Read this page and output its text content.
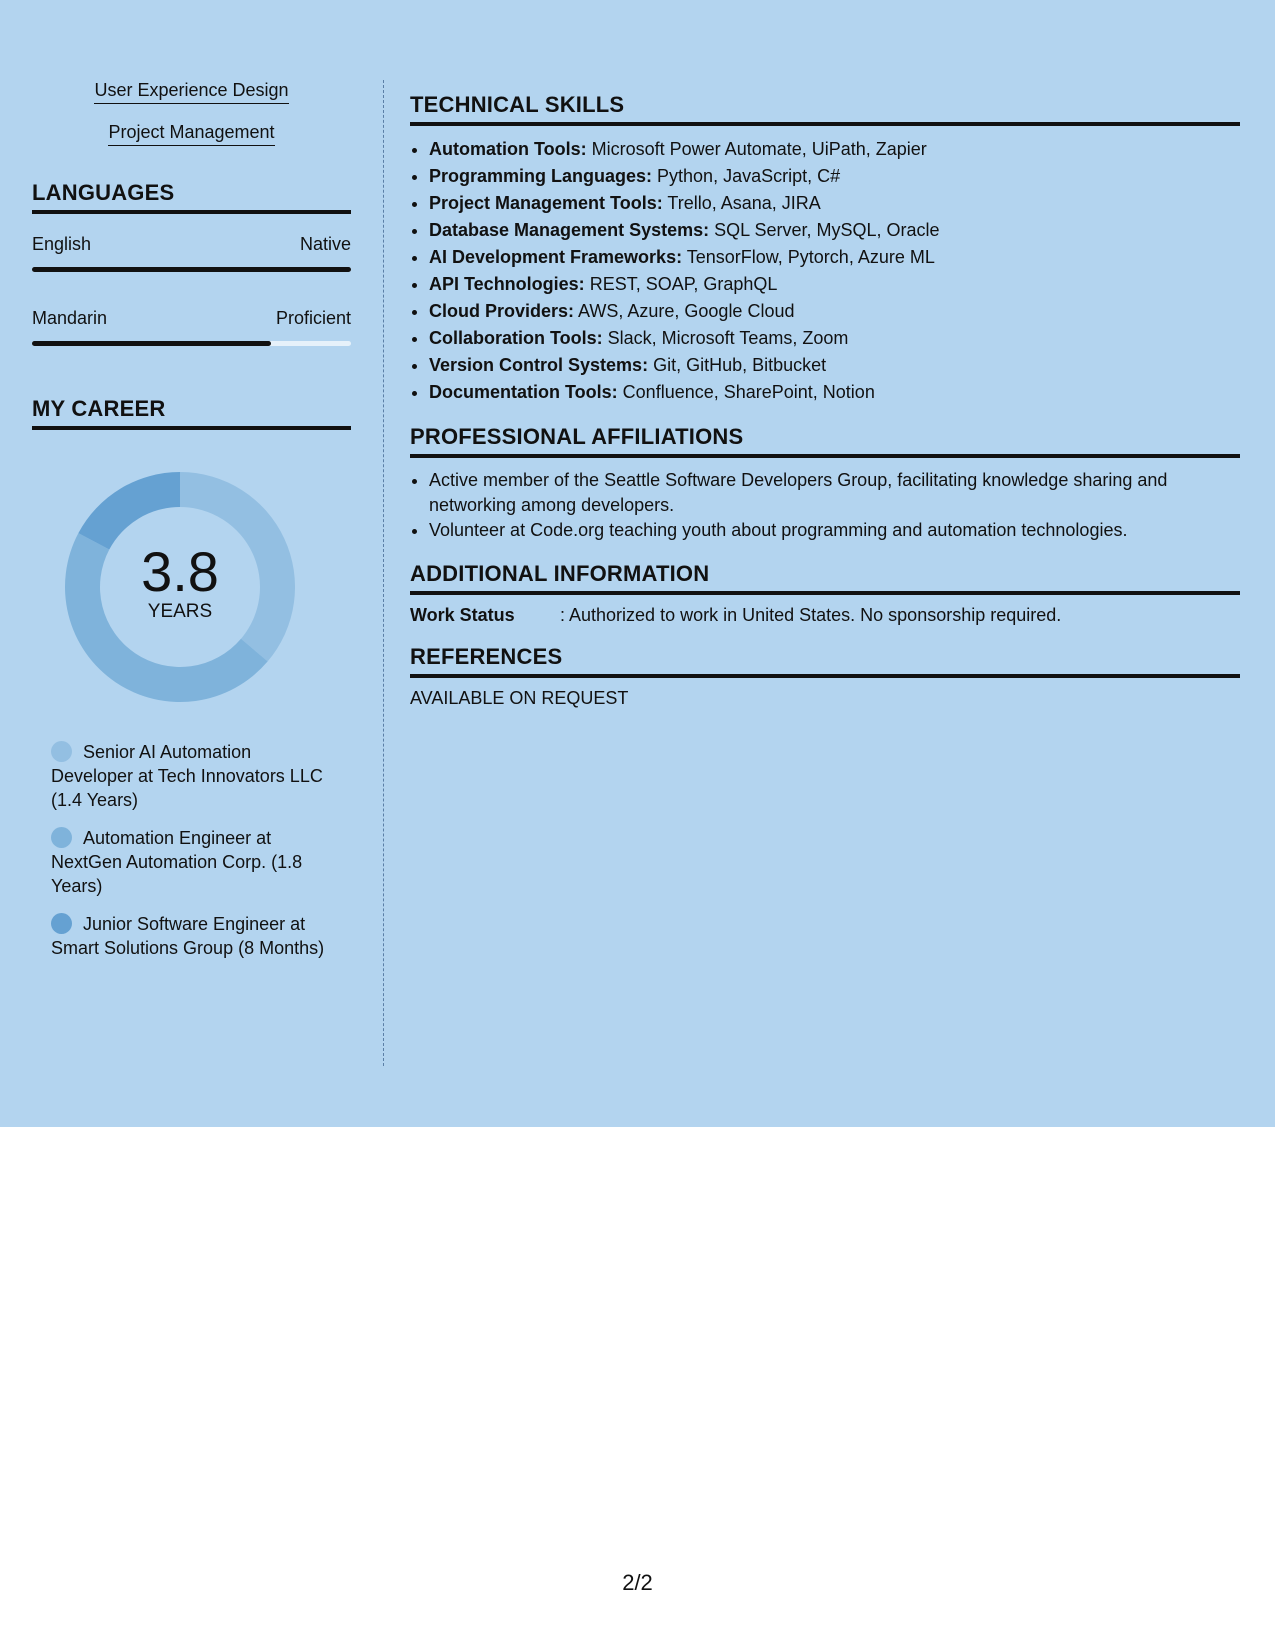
User Experience Design
Project Management
LANGUAGES
English	Native
Mandarin	Proficient
MY CAREER
3.8
YEARS
Senior AI Automation Developer at Tech Innovators LLC (1.4 Years)
Automation Engineer at NextGen Automation Corp. (1.8 Years)
Junior Software Engineer at Smart Solutions Group (8 Months)
TECHNICAL SKILLS
• Automation Tools: Microsoft Power Automate, UiPath, Zapier
• Programming Languages: Python, JavaScript, C#
• Project Management Tools: Trello, Asana, JIRA
• Database Management Systems: SQL Server, MySQL, Oracle
• AI Development Frameworks: TensorFlow, Pytorch, Azure ML
• API Technologies: REST, SOAP, GraphQL
• Cloud Providers: AWS, Azure, Google Cloud
• Collaboration Tools: Slack, Microsoft Teams, Zoom
• Version Control Systems: Git, GitHub, Bitbucket
• Documentation Tools: Confluence, SharePoint, Notion
PROFESSIONAL AFFILIATIONS
• Active member of the Seattle Software Developers Group, facilitating knowledge sharing and networking among developers.
• Volunteer at Code.org teaching youth about programming and automation technologies.
ADDITIONAL INFORMATION
Work Status	: Authorized to work in United States. No sponsorship required.
REFERENCES
AVAILABLE ON REQUEST
2/2
